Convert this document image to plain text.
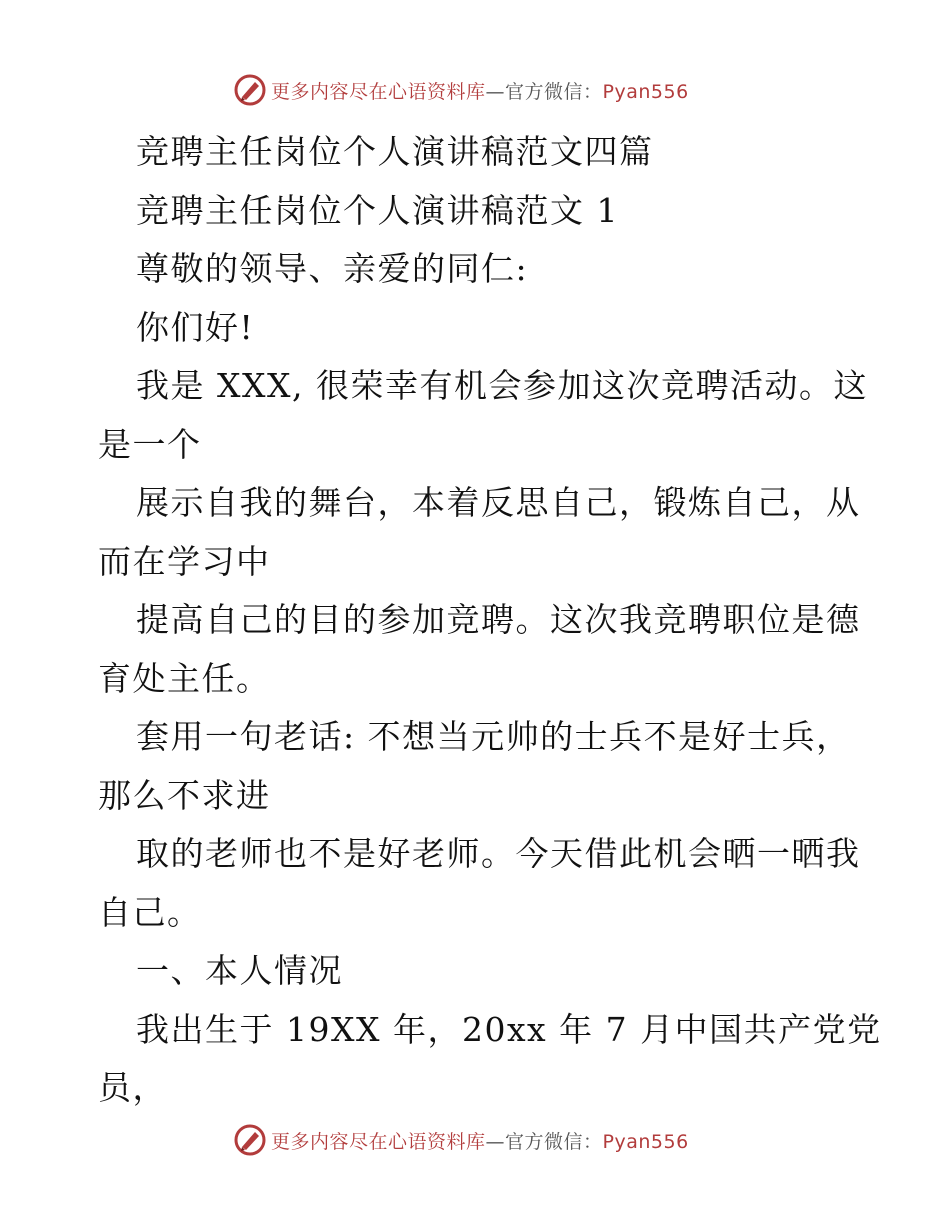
更多内容尽在心语资料库—官方微信：Pyan556
竞聘主任岗位个人演讲稿范文四篇
竞聘主任岗位个人演讲稿范文 1
尊敬的领导、亲爱的同仁:
你们好!
我是 XXX, 很荣幸有机会参加这次竞聘活动。这
是一个
展示自我的舞台，本着反思自己，锻炼自己，从
而在学习中
提高自己的目的参加竞聘。这次我竞聘职位是德
育处主任。
套用一句老话: 不想当元帅的士兵不是好士兵，
那么不求进
取的老师也不是好老师。今天借此机会晒一晒我
自己。
一、本人情况
我出生于 19XX 年，20xx 年 7 月中国共产党党
员，
更多内容尽在心语资料库—官方微信：Pyan556
